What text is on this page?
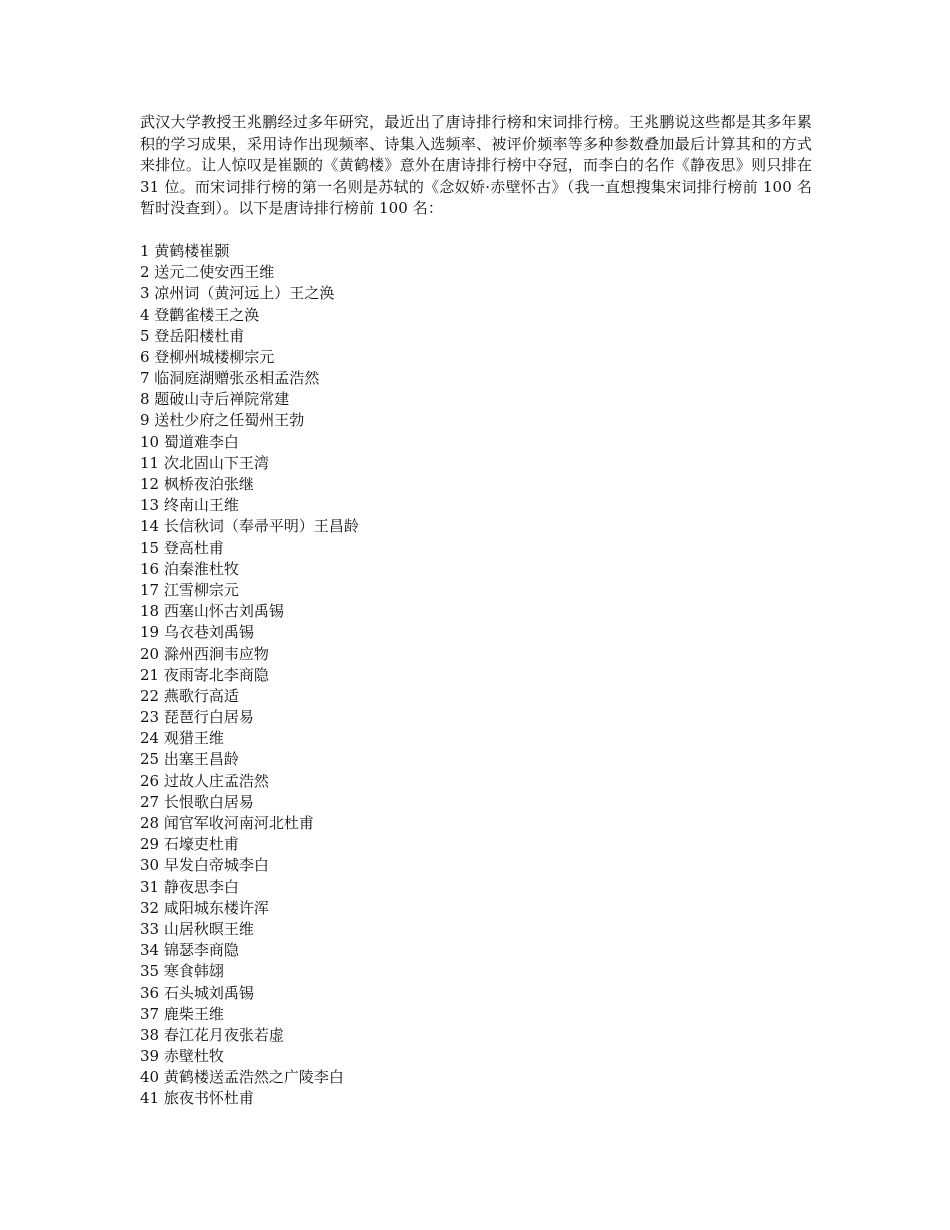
武汉大学教授王兆鹏经过多年研究，最近出了唐诗排行榜和宋词排行榜。王兆鹏说这些都是其多年累积的学习成果，采用诗作出现频率、诗集入选频率、被评价频率等多种参数叠加最后计算其和的方式来排位。让人惊叹是崔颢的《黄鹤楼》意外在唐诗排行榜中夺冠，而李白的名作《静夜思》则只排在 31 位。而宋词排行榜的第一名则是苏轼的《念奴娇·赤壁怀古》（我一直想搜集宋词排行榜前 100 名暂时没查到）。以下是唐诗排行榜前 100 名：

1 黄鹤楼崔颢
2 送元二使安西王维
3 凉州词（黄河远上）王之涣
4 登鹳雀楼王之涣
5 登岳阳楼杜甫
6 登柳州城楼柳宗元
7 临洞庭湖赠张丞相孟浩然
8 题破山寺后禅院常建
9 送杜少府之任蜀州王勃
10 蜀道难李白
11 次北固山下王湾
12 枫桥夜泊张继
13 终南山王维
14 长信秋词（奉帚平明）王昌龄
15 登高杜甫
16 泊秦淮杜牧
17 江雪柳宗元
18 西塞山怀古刘禹锡
19 乌衣巷刘禹锡
20 滁州西涧韦应物
21 夜雨寄北李商隐
22 燕歌行高适
23 琵琶行白居易
24 观猎王维
25 出塞王昌龄
26 过故人庄孟浩然
27 长恨歌白居易
28 闻官军收河南河北杜甫
29 石壕吏杜甫
30 早发白帝城李白
31 静夜思李白
32 咸阳城东楼许浑
33 山居秋暝王维
34 锦瑟李商隐
35 寒食韩翃
36 石头城刘禹锡
37 鹿柴王维
38 春江花月夜张若虚
39 赤壁杜牧
40 黄鹤楼送孟浩然之广陵李白
41 旅夜书怀杜甫
